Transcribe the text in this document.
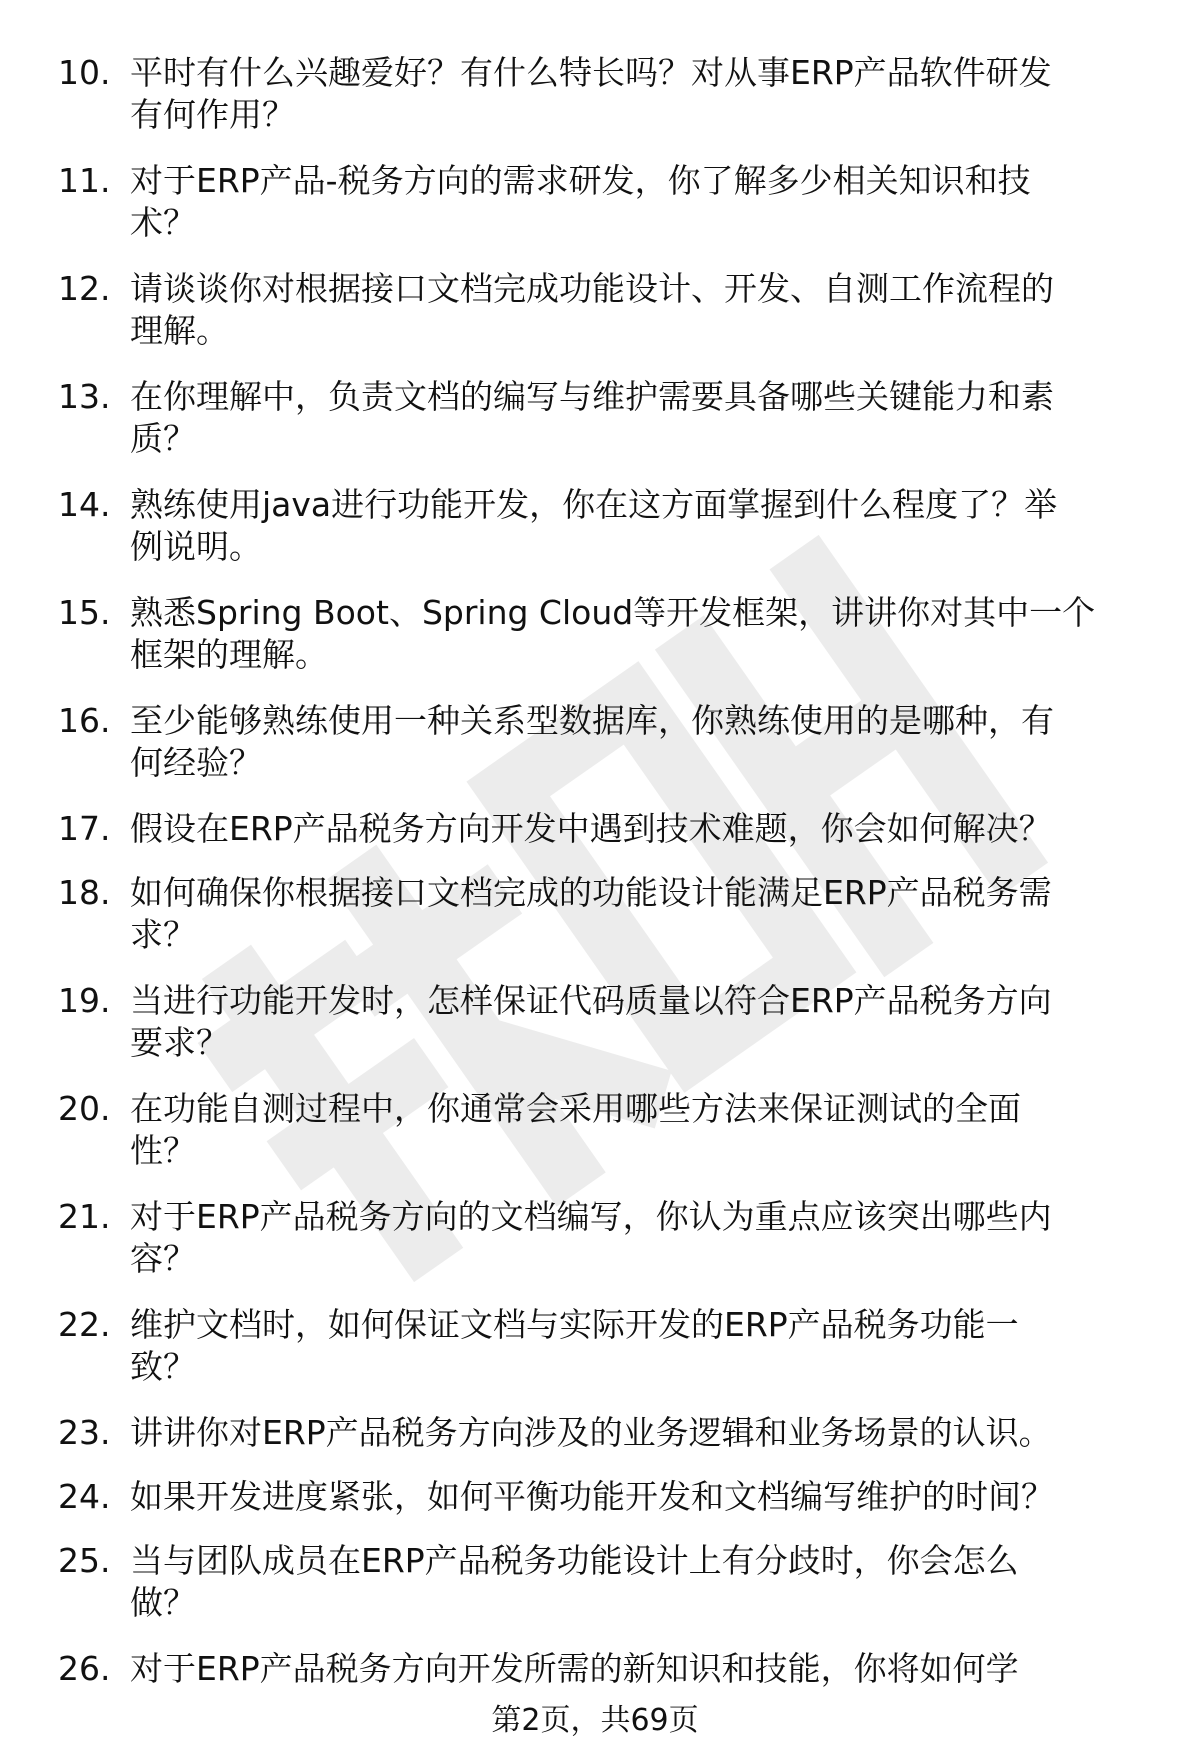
10. 平时有什么兴趣爱好？有什么特长吗？对从事ERP产品软件研发
有何作用？
11. 对于ERP产品-税务方向的需求研发，你了解多少相关知识和技
术？
12. 请谈谈你对根据接口文档完成功能设计、开发、自测工作流程的
理解。
13. 在你理解中，负责文档的编写与维护需要具备哪些关键能力和素
质？
14. 熟练使用java进行功能开发，你在这方面掌握到什么程度了？举
例说明。
15. 熟悉Spring Boot、Spring Cloud等开发框架，讲讲你对其中一个
框架的理解。
16. 至少能够熟练使用一种关系型数据库，你熟练使用的是哪种，有
何经验？
17. 假设在ERP产品税务方向开发中遇到技术难题，你会如何解决？
18. 如何确保你根据接口文档完成的功能设计能满足ERP产品税务需
求？
19. 当进行功能开发时，怎样保证代码质量以符合ERP产品税务方向
要求？
20. 在功能自测过程中，你通常会采用哪些方法来保证测试的全面
性？
21. 对于ERP产品税务方向的文档编写，你认为重点应该突出哪些内
容？
22. 维护文档时，如何保证文档与实际开发的ERP产品税务功能一
致？
23. 讲讲你对ERP产品税务方向涉及的业务逻辑和业务场景的认识。
24. 如果开发进度紧张，如何平衡功能开发和文档编写维护的时间？
25. 当与团队成员在ERP产品税务功能设计上有分歧时，你会怎么
做？
26. 对于ERP产品税务方向开发所需的新知识和技能，你将如何学
第2页，共69页
